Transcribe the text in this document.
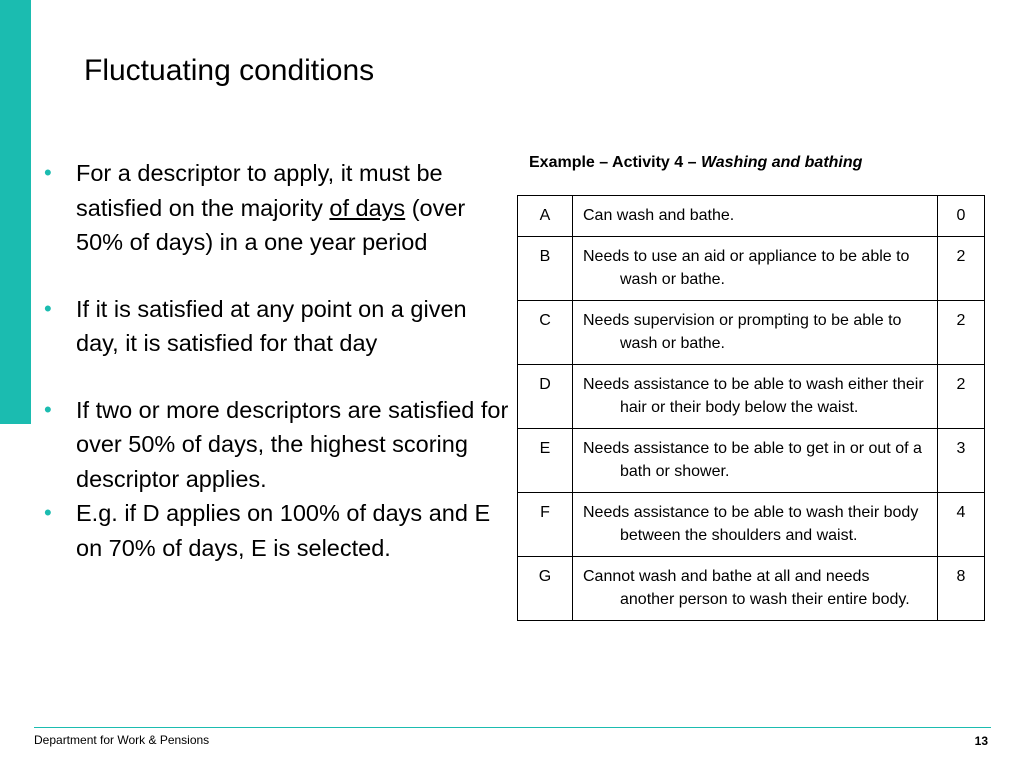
Fluctuating conditions
• For a descriptor to apply, it must be satisfied on the majority of days (over 50% of days) in a one year period
• If it is satisfied at any point on a given day, it is satisfied for that day
• If two or more descriptors are satisfied for over 50% of days, the highest scoring descriptor applies.
• E.g. if D applies on 100% of days and E on 70% of days, E is selected.
Example – Activity 4 – Washing and bathing
A	Can wash and bathe.	0
B	Needs to use an aid or appliance to be able to wash or bathe.	2
C	Needs supervision or prompting to be able to wash or bathe.	2
D	Needs assistance to be able to wash either their hair or their body below the waist.	2
E	Needs assistance to be able to get in or out of a bath or shower.	3
F	Needs assistance to be able to wash their body between the shoulders and waist.	4
G	Cannot wash and bathe at all and needs another person to wash their entire body.	8
Department for Work & Pensions	13
